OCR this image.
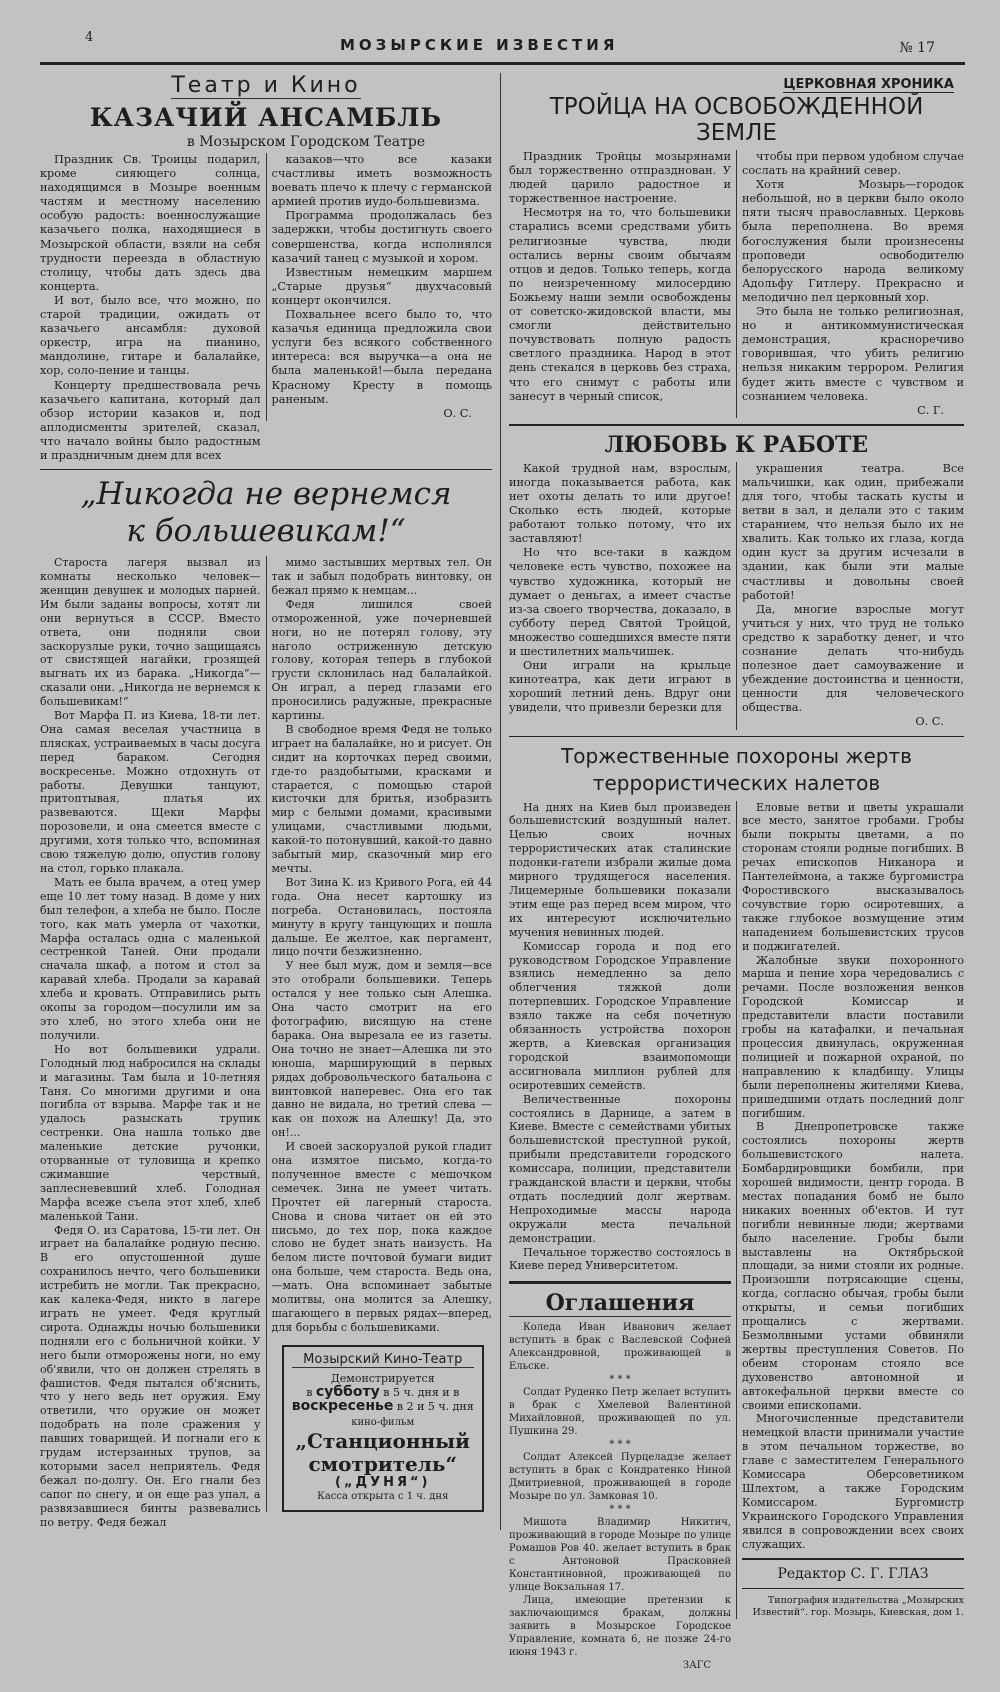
4	МОЗЫРСКИЕ ИЗВЕСТИЯ	№ 17
Театр и Кино
КАЗАЧИЙ АНСАМБЛЬ
в Мозырском Городском Театре

Праздник Св. Троицы подарил, кроме сияющего солнца, находящимся в Мозыре военным частям и местному населению особую радость: военнослужащие казачьего полка, находящиеся в Мозырской области, взяли на себя трудности переезда в областную столицу, чтобы дать здесь два концерта.

И вот, было все, что можно, по старой традиции, ожидать от казачьего ансамбля: духовой оркестр, игра на пианино, мандолине, гитаре и балалайке, хор, соло-пение и танцы.

Концерту предшествовала речь казачьего капитана, который дал обзор истории казаков и, под аплодисменты зрителей, сказал, что начало войны было радостным и праздничным днем для всех

казаков—что все казаки счастливы иметь возможность воевать плечо к плечу с германской армией против иудо-большевизма.

Программа продолжалась без задержки, чтобы достигнуть своего совершенства, когда исполнялся казачий танец с музыкой и хором.

Известным немецким маршем „Старые друзья“ двухчасовый концерт окончился.

Похвальнее всего было то, что казачья единица предложила свои услуги без всякого собственного интереса: вся выручка—а она не была маленькой!—была передана Красному Кресту в помощь раненым.

О. С.
„Никогда не вернемся
к большевикам!“

Староста лагеря вызвал из комнаты несколько человек—женщин девушек и молодых парней. Им были заданы вопросы, хотят ли они вернуться в СССР. Вместо ответа, они подняли свои заскорузлые руки, точно защищаясь от свистящей нагайки, грозящей выгнать их из барака. „Никогда“— сказали они. „Никогда не вернемся к большевикам!“

Вот Марфа П. из Киева, 18-ти лет. Она самая веселая участница в плясках, устраиваемых в часы досуга перед бараком. Сегодня воскресенье. Можно отдохнуть от работы. Девушки танцуют, притоптывая, платья их развеваются. Щеки Марфы порозовели, и она смеется вместе с другими, хотя только что, вспоминая свою тяжелую долю, опустив голову на стол, горько плакала.

Мать ее была врачем, а отец умер еще 10 лет тому назад. В доме у них был телефон, а хлеба не было. После того, как мать умерла от чахотки, Марфа осталась одна с маленькой сестренкой Таней. Они продали сначала шкаф, а потом и стол за каравай хлеба. Продали за каравай хлеба и кровать. Отправились рыть окопы за городом—посулили им за это хлеб, но этого хлеба они не получили.

Но вот большевики удрали. Голодный люд набросился на склады и магазины. Там была и 10-летняя Таня. Со многими другими и она погибла от взрыва. Марфе так и не удалось разыскать трупик сестренки. Она нашла только две маленькие детские ручонки, оторванные от туловища и крепко сжимавшие черствый, заплесневевший хлеб. Голодная Марфа всеже съела этот хлеб, хлеб маленькой Тани.

Федя О. из Саратова, 15-ти лет. Он играет на балалайке родную песню. В его опустошенной душе сохранилось нечто, чего большевики истребить не могли. Так прекрасно, как калека-Федя, никто в лагере играть не умеет. Федя круглый сирота. Однажды ночью большевики подняли его с больничной койки. У него были отморожены ноги, но ему об'явили, что он должен стрелять в фашистов. Федя пытался об'яснить, что у него ведь нет оружия. Ему ответили, что оружие он может подобрать на поле сражения у павших товарищей. И погнали его к грудам истерзанных трупов, за которыми засел неприятель. Федя бежал по-долгу. Он. Его гнали без сапог по снегу, и он еще раз упал, а развязавшиеся бинты развевались по ветру. Федя бежал

мимо застывших мертвых тел. Он так и забыл подобрать винтовку, он бежал прямо к немцам...

Федя лишился своей отмороженной, уже почерневшей ноги, но не потерял голову, эту наголо остриженную детскую голову, которая теперь в глубокой грусти склонилась над балалайкой. Он играл, а перед глазами его проносились радужные, прекрасные картины.

В свободное время Федя не только играет на балалайке, но и рисует. Он сидит на корточках перед своими, где-то раздобытыми, красками и старается, с помощью старой кисточки для бритья, изобразить мир с белыми домами, красивыми улицами, счастливыми людьми, какой-то потонувший, какой-то давно забытый мир, сказочный мир его мечты.

Вот Зина К. из Кривого Рога, ей 44 года. Она несет картошку из погреба. Остановилась, постояла минуту в кругу танцующих и пошла дальше. Ее желтое, как пергамент, лицо почти безжизненно.

У нее был муж, дом и земля—все это отобрали большевики. Теперь остался у нее только сын Алешка. Она часто смотрит на его фотографию, висящую на стене барака. Она вырезала ее из газеты. Она точно не знает—Алешка ли это юноша, марширующий в первых рядах добровольческого батальона с винтовкой наперевес. Она его так давно не видала, но третий слева — как он похож на Алешку! Да, это он!...

И своей заскорузлой рукой гладит она измятое письмо, когда-то полученное вместе с мешочком семечек. Зина не умеет читать. Прочтет ей лагерный староста. Снова и снова читает он ей это письмо, до тех пор, пока каждое слово не будет знать наизусть. На белом листе почтовой бумаги видит она больше, чем староста. Ведь она,—мать. Она вспоминает забытые молитвы, она молится за Алешку, шагающего в первых рядах—вперед, для борьбы с большевиками.

Мозырский Кино-Театр
Демонстрируется
в субботу в 5 ч. дня и в
воскресенье в 2 и 5 ч. дня
кино-фильм
„Станционный
смотритель“
(„ДУНЯ“)
Касса открыта с 1 ч. дня
ЦЕРКОВНАЯ ХРОНИКА
ТРОЙЦА НА ОСВОБОЖДЕННОЙ ЗЕМЛЕ

Праздник Тройцы мозырянами был торжественно отпразднован. У людей царило радостное и торжественное настроение.

Несмотря на то, что большевики старались всеми средствами убить религиозные чувства, люди остались верны своим обычаям отцов и дедов. Только теперь, когда по неизреченному милосердию Божьему наши земли освобождены от советско-жидовской власти, мы смогли действительно почувствовать полную радость светлого праздника. Народ в этот день стекался в церковь без страха, что его снимут с работы или занесут в черный список,

чтобы при первом удобном случае сослать на крайний север.

Хотя Мозырь—городок небольшой, но в церкви было около пяти тысяч православных. Церковь была переполнена. Во время богослужения были произнесены проповеди освободителю белорусского народа великому Адольфу Гитлеру. Прекрасно и мелодично пел церковный хор.

Это была не только религиозная, но и антикоммунистическая демонстрация, красноречиво говорившая, что убить религию нельзя никаким террором. Религия будет жить вместе с чувством и сознанием человека.

С. Г.
ЛЮБОВЬ К РАБОТЕ

Какой трудной нам, взрослым, иногда показывается работа, как нет охоты делать то или другое! Сколько есть людей, которые работают только потому, что их заставляют!

Но что все-таки в каждом человеке есть чувство, похожее на чувство художника, который не думает о деньгах, а имеет счастье из-за своего творчества, доказало, в субботу перед Святой Тройцой, множество сошедшихся вместе пяти и шестилетних мальчишек.

Они играли на крыльце кинотеатра, как дети играют в хороший летний день. Вдруг они увидели, что привезли березки для

украшения театра. Все мальчишки, как один, прибежали для того, чтобы таскать кусты и ветви в зал, и делали это с таким старанием, что нельзя было их не хвалить. Как только их глаза, когда один куст за другим исчезали в здании, как были эти малые счастливы и довольны своей работой!

Да, многие взрослые могут учиться у них, что труд не только средство к заработку денег, и что сознание делать что-нибудь полезное дает самоуважение и убеждение достоинства и ценности, ценности для человеческого общества.

О. С.
Торжественные похороны жертв террористических налетов

На днях на Киев был произведен большевистский воздушный налет. Целью своих ночных террористических атак сталинские подонки-гатели избрали жилые дома мирного трудящегося населения. Лицемерные большевики показали этим еще раз перед всем миром, что их интересуют исключительно мучения невинных людей.

Комиссар города и под его руководством Городское Управление взялись немедленно за дело облегчения тяжкой доли потерпевших. Городское Управление взяло также на себя почетную обязанность устройства похорон жертв, а Киевская организация городской взаимопомощи ассигновала миллион рублей для осиротевших семейств.

Величественные похороны состоялись в Дарнице, а затем в Киеве. Вместе с семействами убитых большевистской преступной рукой, прибыли представители городского комиссара, полиции, представители гражданской власти и церкви, чтобы отдать последний долг жертвам. Непроходимые массы народа окружали места печальной демонстрации.

Печальное торжество состоялось в Киеве перед Университетом.

Оглашения

Коледа Иван Иванович желает вступить в брак с Васлевской Софией Александровной, проживающей в Ельске.

* * *

Солдат Руденко Петр желает вступить в брак с Хмелевой Валентиной Михайловной, проживающей по ул. Пушкина 29.

* * *

Солдат Алексей Пурцеладзе желает вступить в брак с Кондратенко Ниной Дмитриевной, проживающей в городе Мозыре по ул. Замковая 10.

* * *

Мишота Владимир Никитич, проживающий в городе Мозыре по улице Ромашов Ров 40. желает вступить в брак с Антоновой Прасковней Константиновной, проживающей по улице Вокзальная 17.

Лица, имеющие претензии к заключающимся бракам, должны заявить в Мозырское Городское Управление, комната 6, не позже 24-го июня 1943 г.

ЗАГС

Еловые ветви и цветы украшали все место, занятое гробами. Гробы были покрыты цветами, а по сторонам стояли родные погибших. В речах епископов Никанора и Пантелеймона, а также бургомистра Форостивского высказывалось сочувствие горю осиротевших, а также глубокое возмущение этим нападением большевистских трусов и поджигателей.

Жалобные звуки похоронного марша и пение хора чередовались с речами. После возложения венков Городской Комиссар и представители власти поставили гробы на катафалки, и печальная процессия двинулась, окруженная полицией и пожарной охраной, по направлению к кладбищу. Улицы были переполнены жителями Киева, пришедшими отдать последний долг погибшим.

В Днепропетровске также состоялись похороны жертв большевистского налета. Бомбардировщики бомбили, при хорошей видимости, центр города. В местах попадания бомб не было никаких военных об'ектов. И тут погибли невинные люди; жертвами было население. Гробы были выставлены на Октябрьской площади, за ними стояли их родные. Произошли потрясающие сцены, когда, согласно обычая, гробы были открыты, и семьи погибших прощались с жертвами. Безмолвными устами обвиняли жертвы преступления Советов. По обеим сторонам стояло все духовенство автономной и автокефальной церкви вместе со своими епископами.

Многочисленные представители немецкой власти принимали участие в этом печальном торжестве, во главе с заместителем Генерального Комиссара Оберсоветником Шлехтом, а также Городским Комиссаром. Бургомистр Украинского Городского Управления явился в сопровождении всех своих служащих.

Редактор С. Г. ГЛАЗ
Типография издательства „Мозырских Известий“. гор. Мозырь, Киевская, дом 1.
